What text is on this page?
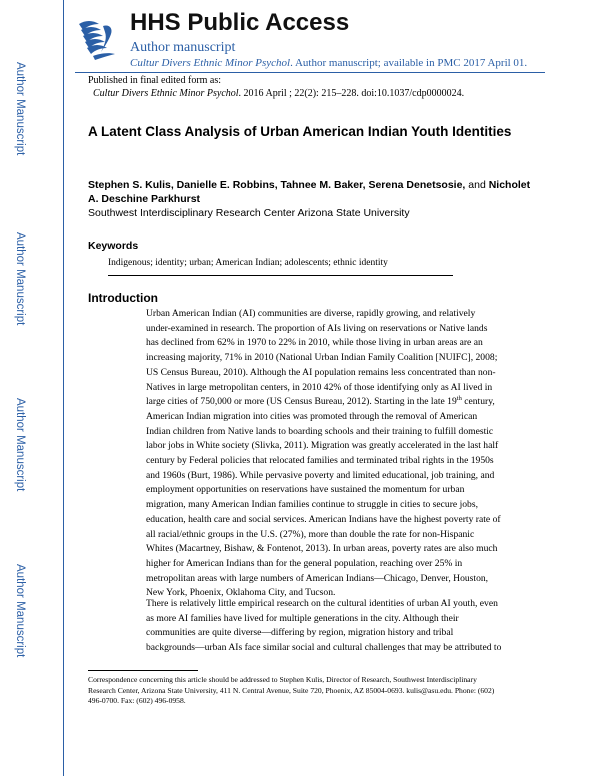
Author Manuscript
Author Manuscript
Author Manuscript
Author Manuscript
HHS Public Access
Author manuscript
Cultur Divers Ethnic Minor Psychol. Author manuscript; available in PMC 2017 April 01.
Published in final edited form as:
Cultur Divers Ethnic Minor Psychol. 2016 April ; 22(2): 215–228. doi:10.1037/cdp0000024.
A Latent Class Analysis of Urban American Indian Youth Identities
Stephen S. Kulis, Danielle E. Robbins, Tahnee M. Baker, Serena Denetsosie, and Nicholet
A. Deschine Parkhurst
Southwest Interdisciplinary Research Center Arizona State University
Keywords
Indigenous; identity; urban; American Indian; adolescents; ethnic identity
Introduction
Urban American Indian (AI) communities are diverse, rapidly growing, and relatively
under-examined in research. The proportion of AIs living on reservations or Native lands
has declined from 62% in 1970 to 22% in 2010, while those living in urban areas are an
increasing majority, 71% in 2010 (National Urban Indian Family Coalition [NUIFC], 2008;
US Census Bureau, 2010). Although the AI population remains less concentrated than non-
Natives in large metropolitan centers, in 2010 42% of those identifying only as AI lived in
large cities of 750,000 or more (US Census Bureau, 2012). Starting in the late 19th century,
American Indian migration into cities was promoted through the removal of American
Indian children from Native lands to boarding schools and their training to fulfill domestic
labor jobs in White society (Slivka, 2011). Migration was greatly accelerated in the last half
century by Federal policies that relocated families and terminated tribal rights in the 1950s
and 1960s (Burt, 1986). While pervasive poverty and limited educational, job training, and
employment opportunities on reservations have sustained the momentum for urban
migration, many American Indian families continue to struggle in cities to secure jobs,
education, health care and social services. American Indians have the highest poverty rate of
all racial/ethnic groups in the U.S. (27%), more than double the rate for non-Hispanic
Whites (Macartney, Bishaw, & Fontenot, 2013). In urban areas, poverty rates are also much
higher for American Indians than for the general population, reaching over 25% in
metropolitan areas with large numbers of American Indians—Chicago, Denver, Houston,
New York, Phoenix, Oklahoma City, and Tucson.
There is relatively little empirical research on the cultural identities of urban AI youth, even
as more AI families have lived for multiple generations in the city. Although their
communities are quite diverse—differing by region, migration history and tribal
backgrounds—urban AIs face similar social and cultural challenges that may be attributed to
Correspondence concerning this article should be addressed to Stephen Kulis, Director of Research, Southwest Interdisciplinary
Research Center, Arizona State University, 411 N. Central Avenue, Suite 720, Phoenix, AZ 85004-0693. kulis@asu.edu. Phone: (602)
496-0700. Fax: (602) 496-0958.
